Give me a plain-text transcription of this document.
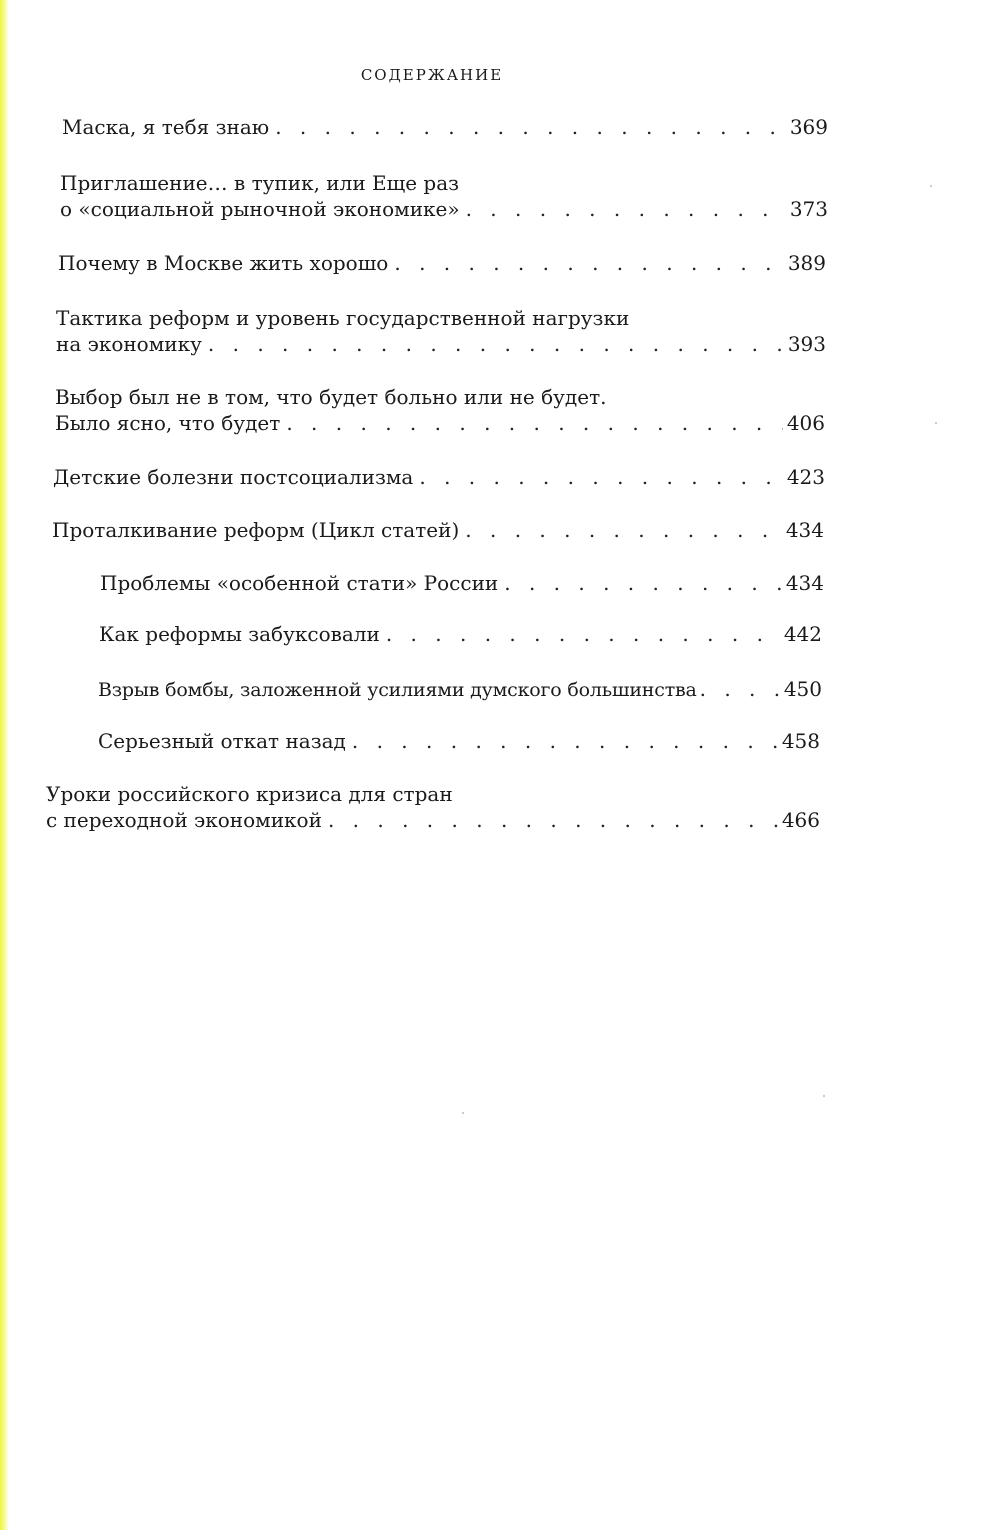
СОДЕРЖАНИЕ
Маска, я тебя знаю . . .	369
Приглашение… в тупик, или Еще раз
о «социальной рыночной экономике» . . .	373
Почему в Москве жить хорошо . . .	389
Тактика реформ и уровень государственной нагрузки
на экономику . . .	393
Выбор был не в том, что будет больно или не будет.
Было ясно, что будет . . .	406
Детские болезни постсоциализма . . .	423
Проталкивание реформ (Цикл статей) . . .	434
Проблемы «особенной стати» России . . .	434
Как реформы забуксовали . . .	442
Взрыв бомбы, заложенной усилиями думского большинства . . .	450
Серьезный откат назад . . .	458
Уроки российского кризиса для стран
с переходной экономикой . . .	466
